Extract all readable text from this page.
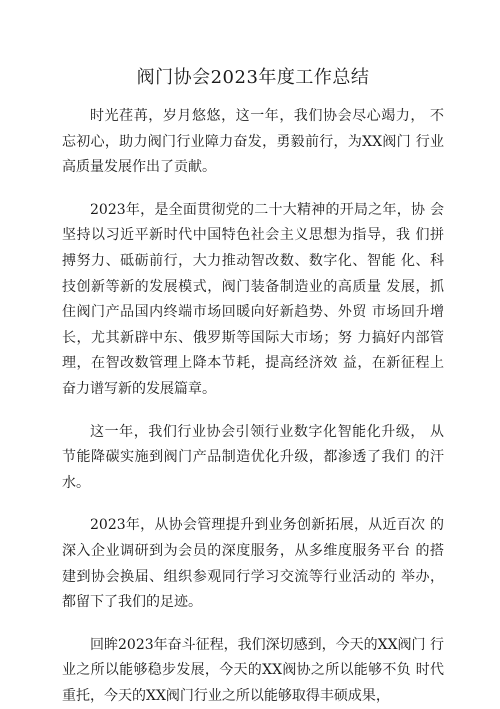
阀门协会2023年度工作总结

时光荏苒，岁月悠悠，这一年，我们协会尽心竭力， 不忘初心，助力阀门行业障力奋发，勇毅前行，为XX阀门 行业高质量发展作出了贡献。

2023年，是全面贯彻党的二十大精神的开局之年，协 会坚持以习近平新时代中国特色社会主义思想为指导，我 们拼搏努力、砥砺前行，大力推动智改数、数字化、智能 化、科技创新等新的发展模式，阀门装备制造业的高质量 发展，抓住阀门产品国内终端市场回暖向好新趋势、外贸 市场回升增长，尤其新辟中东、俄罗斯等国际大市场；努 力搞好内部管理，在智改数管理上降本节耗，提高经济效 益，在新征程上奋力谱写新的发展篇章。

这一年，我们行业协会引领行业数字化智能化升级， 从节能降碳实施到阀门产品制造优化升级，都渗透了我们 的汗水。

2023年，从协会管理提升到业务创新拓展，从近百次 的深入企业调研到为会员的深度服务，从多维度服务平台 的搭建到协会换届、组织参观同行学习交流等行业活动的 举办，都留下了我们的足迹。

回眸2023年奋斗征程，我们深切感到，今天的XX阀门 行业之所以能够稳步发展，今天的XX阀协之所以能够不负 时代重托，今天的XX阀门行业之所以能够取得丰硕成果，
